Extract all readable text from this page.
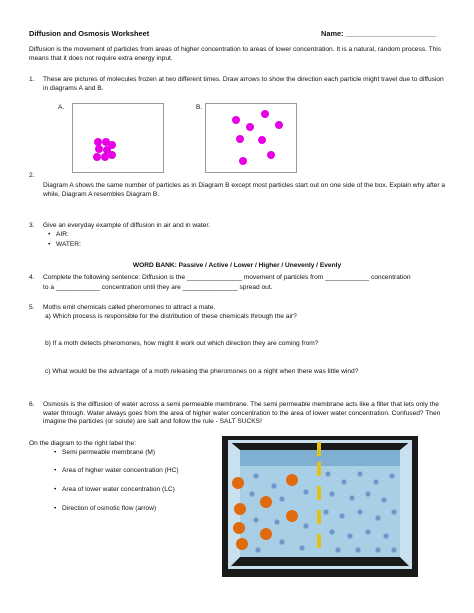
Diffusion and Osmosis Worksheet	Name: ______________________
Diffusion is the movement of particles from areas of higher concentration to areas of lower concentration. It is a natural, random process. This means that it does not require extra energy input.
1. These are pictures of molecules frozen at two different times. Draw arrows to show the direction each particle might travel due to diffusion in diagrams A and B.
A.	B.
2.
Diagram A shows the same number of particles as in Diagram B except most particles start out on one side of the box. Explain why after a while, Diagram A resembles Diagram B.
3. Give an everyday example of diffusion in air and in water.
• AIR:
• WATER:
WORD BANK: Passive / Active / Lower / Higher / Unevenly / Evenly
4. Complete the following sentence: Diffusion is the _______________ movement of particles from ____________ concentration
to a ____________ concentration until they are _______________ spread out.
5. Moths emit chemicals called pheromones to attract a mate.
a) Which process is responsible for the distribution of these chemicals through the air?
b) If a moth detects pheromones, how might it work out which direction they are coming from?
c) What would be the advantage of a moth releasing the pheromones on a night when there was little wind?
6. Osmosis is the diffusion of water across a semi permeable membrane. The semi permeable membrane acts like a filter that lets only the water through. Water always goes from the area of higher water concentration to the area of lower water concentration. Confused? Then imagine the particles (or solute) are salt and follow the rule - SALT SUCKS!
On the diagram to the right label the:
• Semi permeable membrane (M)
• Area of higher water concentration (HC)
• Area of lower water concentration (LC)
• Direction of osmotic flow (arrow)
